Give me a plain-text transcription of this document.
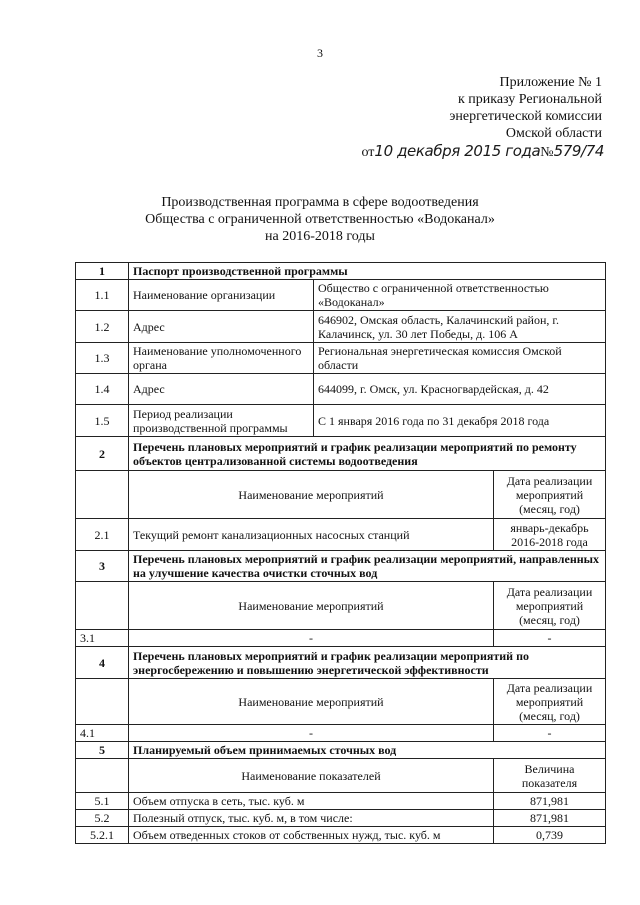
3
Приложение № 1
к приказу Региональной
энергетической комиссии
Омской области
от10 декабря 2015 года№579/74
Производственная программа в сфере водоотведения
Общества с ограниченной ответственностью «Водоканал»
на 2016-2018 годы
1	Паспорт производственной программы		
1.1	Наименование организации	Общество с ограниченной ответственностью «Водоканал»	
1.2	Адрес	646902, Омская область, Калачинский район, г. Калачинск, ул. 30 лет Победы, д. 106 А	
1.3	Наименование уполномоченного органа	Региональная энергетическая комиссия Омской области	
1.4	Адрес	644099, г. Омск, ул. Красногвардейская, д. 42	
1.5	Период реализации производственной программы	С 1 января 2016 года по 31 декабря 2018 года	
2	Перечень плановых мероприятий и график реализации мероприятий по ремонту объектов централизованной системы водоотведения		
	Наименование мероприятий		Дата реализации мероприятий (месяц, год)
2.1	Текущий ремонт канализационных насосных станций		январь-декабрь 2016-2018 года
3	Перечень плановых мероприятий и график реализации мероприятий, направленных на улучшение качества очистки сточных вод		
	Наименование мероприятий		Дата реализации мероприятий (месяц, год)
3.1	-		-
4	Перечень плановых мероприятий и график реализации мероприятий по энергосбережению и повышению энергетической эффективности		
	Наименование мероприятий		Дата реализации мероприятий (месяц, год)
4.1	-		-
5	Планируемый объем принимаемых сточных вод		
	Наименование показателей		Величина показателя
5.1	Объем отпуска в сеть, тыс. куб. м		871,981
5.2	Полезный отпуск, тыс. куб. м, в том числе:		871,981
5.2.1	Объем отведенных стоков от собственных нужд, тыс. куб. м		0,739
